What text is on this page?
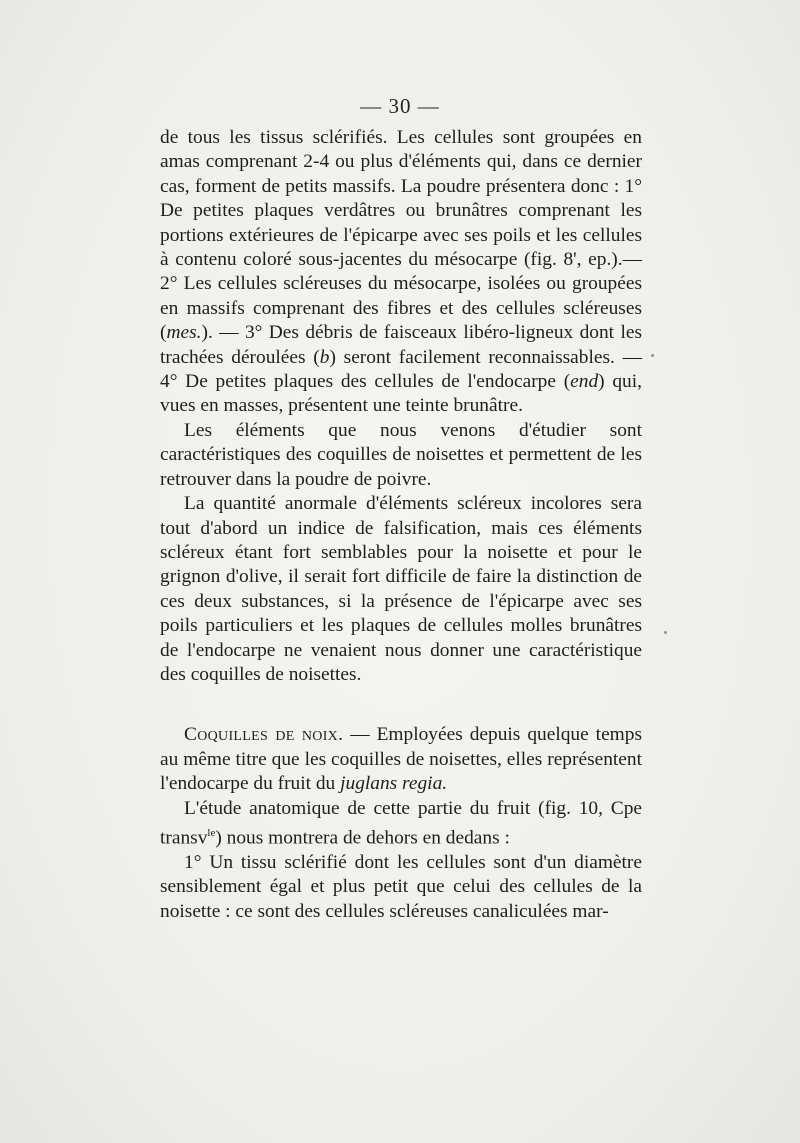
— 30 —

de tous les tissus sclérifiés. Les cellules sont groupées en amas comprenant 2-4 ou plus d'éléments qui, dans ce dernier cas, forment de petits massifs. La poudre présentera donc : 1° De petites plaques verdâtres ou brunâtres comprenant les portions extérieures de l'épicarpe avec ses poils et les cellules à contenu coloré sous-jacentes du mésocarpe (fig. 8', ep.).—2° Les cellules scléreuses du mésocarpe, isolées ou groupées en massifs comprenant des fibres et des cellules scléreuses (mes.). — 3° Des débris de faisceaux libéro-ligneux dont les trachées déroulées (b) seront facilement reconnaissables. — 4° De petites plaques des cellules de l'endocarpe (end) qui, vues en masses, présentent une teinte brunâtre.

Les éléments que nous venons d'étudier sont caractéristiques des coquilles de noisettes et permettent de les retrouver dans la poudre de poivre.

La quantité anormale d'éléments scléreux incolores sera tout d'abord un indice de falsification, mais ces éléments scléreux étant fort semblables pour la noisette et pour le grignon d'olive, il serait fort difficile de faire la distinction de ces deux substances, si la présence de l'épicarpe avec ses poils particuliers et les plaques de cellules molles brunâtres de l'endocarpe ne venaient nous donner une caractéristique des coquilles de noisettes.

Coquilles de noix. — Employées depuis quelque temps au même titre que les coquilles de noisettes, elles représentent l'endocarpe du fruit du juglans regia.

L'étude anatomique de cette partie du fruit (fig. 10, Cpe transv$^{le}$) nous montrera de dehors en dedans :

1° Un tissu sclérifié dont les cellules sont d'un diamètre sensiblement égal et plus petit que celui des cellules de la noisette : ce sont des cellules scléreuses canaliculées mar-
